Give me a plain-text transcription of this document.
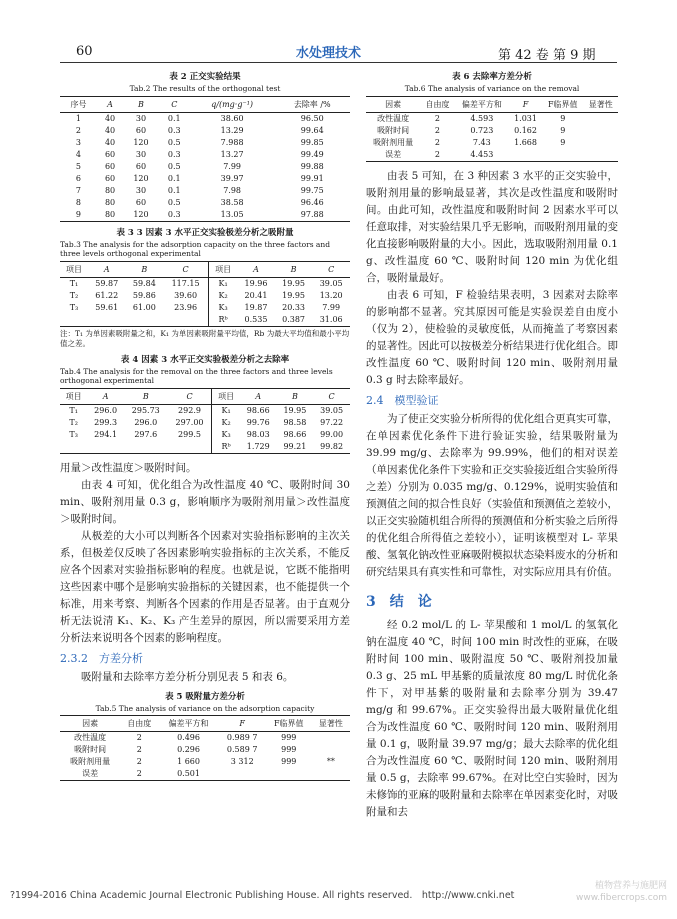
60	水处理技术	第 42 卷 第 9 期
表 2 正交实验结果
Tab.2 The results of the orthogonal test
序号	A	B	C	q/(mg·g⁻¹)	去除率 /%
1	40	30	0.1	38.60	96.50
2	40	60	0.3	13.29	99.64
3	40	120	0.5	7.988	99.85
4	60	30	0.3	13.27	99.49
5	60	60	0.5	7.99	99.88
6	60	120	0.1	39.97	99.91
7	80	30	0.1	7.98	99.75
8	80	60	0.5	38.58	96.46
9	80	120	0.3	13.05	97.88
表 3 3 因素 3 水平正交实验极差分析之吸附量
Tab.3 The analysis for the adsorption capacity on the three factors and three levels orthogonal experimental
项目	A	B	C	项目	A	B	C
T₁	59.87	59.84	117.15	K₁	19.96	19.95	39.05
T₂	61.22	59.86	39.60	K₂	20.41	19.95	13.20
T₃	59.61	61.00	23.96	K₃	19.87	20.33	7.99
				Rᵇ	0.535	0.387	31.06
注：T₁ 为单因素吸附量之和，K₁ 为单因素吸附量平均值，Rb 为最大平均值和最小平均值之差。
表 4 因素 3 水平正交实验极差分析之去除率
Tab.4 The analysis for the removal on the three factors and three levels orthogonal experimental
项目	A	B	C	项目	A	B	C
T₁	296.0	295.73	292.9	K₁	98.66	19.95	39.05
T₂	299.3	296.0	297.00	K₂	99.76	98.58	97.22
T₃	294.1	297.6	299.5	K₃	98.03	98.66	99.00
				Rᵇ	1.729	99.21	99.82

用量＞改性温度＞吸附时间。

由表 4 可知，优化组合为改性温度 40 ℃、吸附时间 30 min、吸附剂用量 0.3 g，影响顺序为吸附剂用量＞改性温度＞吸附时间。

从极差的大小可以判断各个因素对实验指标影响的主次关系，但极差仅反映了各因素影响实验指标的主次关系，不能反应各个因素对实验指标影响的程度。也就是说，它既不能指明这些因素中哪个是影响实验指标的关键因素，也不能提供一个标准，用来考察、判断各个因素的作用是否显著。由于直观分析无法说清 K₁、K₂、K₃ 产生差异的原因，所以需要采用方差分析法来说明各个因素的影响程度。

2.3.2　方差分析

吸附量和去除率方差分析分别见表 5 和表 6。

表 5 吸附量方差分析
Tab.5 The analysis of variance on the adsorption capacity
因素	自由度	偏差平方和	F	F临界值	显著性
改性温度	2	0.496	0.989 7	999	
吸附时间	2	0.296	0.589 7	999	
吸附剂用量	2	1 660	3 312	999	**
误差	2	0.501			
表 6 去除率方差分析
Tab.6 The analysis of variance on the removal
因素	自由度	偏差平方和	F	F临界值	显著性
改性温度	2	4.593	1.031	9	
吸附时间	2	0.723	0.162	9	
吸附剂用量	2	7.43	1.668	9	
误差	2	4.453			

由表 5 可知，在 3 种因素 3 水平的正交实验中，吸附剂用量的影响最显著，其次是改性温度和吸附时间。由此可知，改性温度和吸附时间 2 因素水平可以任意取排，对实验结果几乎无影响，而吸附剂用量的变化直接影响吸附量的大小。因此，选取吸附剂用量 0.1 g、改性温度 60 ℃、吸附时间 120 min 为优化组合，吸附量最好。

由表 6 可知，F 检验结果表明，3 因素对去除率的影响都不显著。究其原因可能是实验误差自由度小（仅为 2），使检验的灵敏度低，从而掩盖了考察因素的显著性。因此可以按极差分析结果进行优化组合。即改性温度 60 ℃、吸附时间 120 min、吸附剂用量 0.3 g 时去除率最好。

2.4　模型验证

为了使正交实验分析所得的优化组合更真实可靠，在单因素优化条件下进行验证实验，结果吸附量为 39.99 mg/g、去除率为 99.99%，他们的相对误差（单因素优化条件下实验和正交实验接近组合实验所得之差）分别为 0.035 mg/g、0.129%，说明实验值和预测值之间的拟合性良好（实验值和预测值之差较小，以正交实验随机组合所得的预测值和分析实验之后所得的优化组合所得值之差较小），证明该模型对 L- 苹果酸、氢氧化钠改性亚麻吸附模拟状态染料废水的分析和研究结果具有真实性和可靠性，对实际应用具有价值。

3　结　论

经 0.2 mol/L 的 L- 苹果酸和 1 mol/L 的氢氧化钠在温度 40 ℃，时间 100 min 时改性的亚麻，在吸附时间 100 min、吸附温度 50 ℃、吸附剂投加量 0.3 g、25 mL 甲基紫的质量浓度 80 mg/L 时优化条件下，对甲基紫的吸附量和去除率分别为 39.47 mg/g 和 99.67%。正交实验得出最大吸附量优化组合为改性温度 60 ℃、吸附时间 120 min、吸附剂用量 0.1 g，吸附量 39.97 mg/g；最大去除率的优化组合为改性温度 60 ℃、吸附时间 120 min、吸附剂用量 0.5 g，去除率 99.67%。在对比空白实验时，因为未修饰的亚麻的吸附量和去除率在单因素变化时，对吸附量和去

?1994-2016 China Academic Journal Electronic Publishing House. All rights reserved.　http://www.cnki.net
植物营养与施肥网
www.fibercrops.com
